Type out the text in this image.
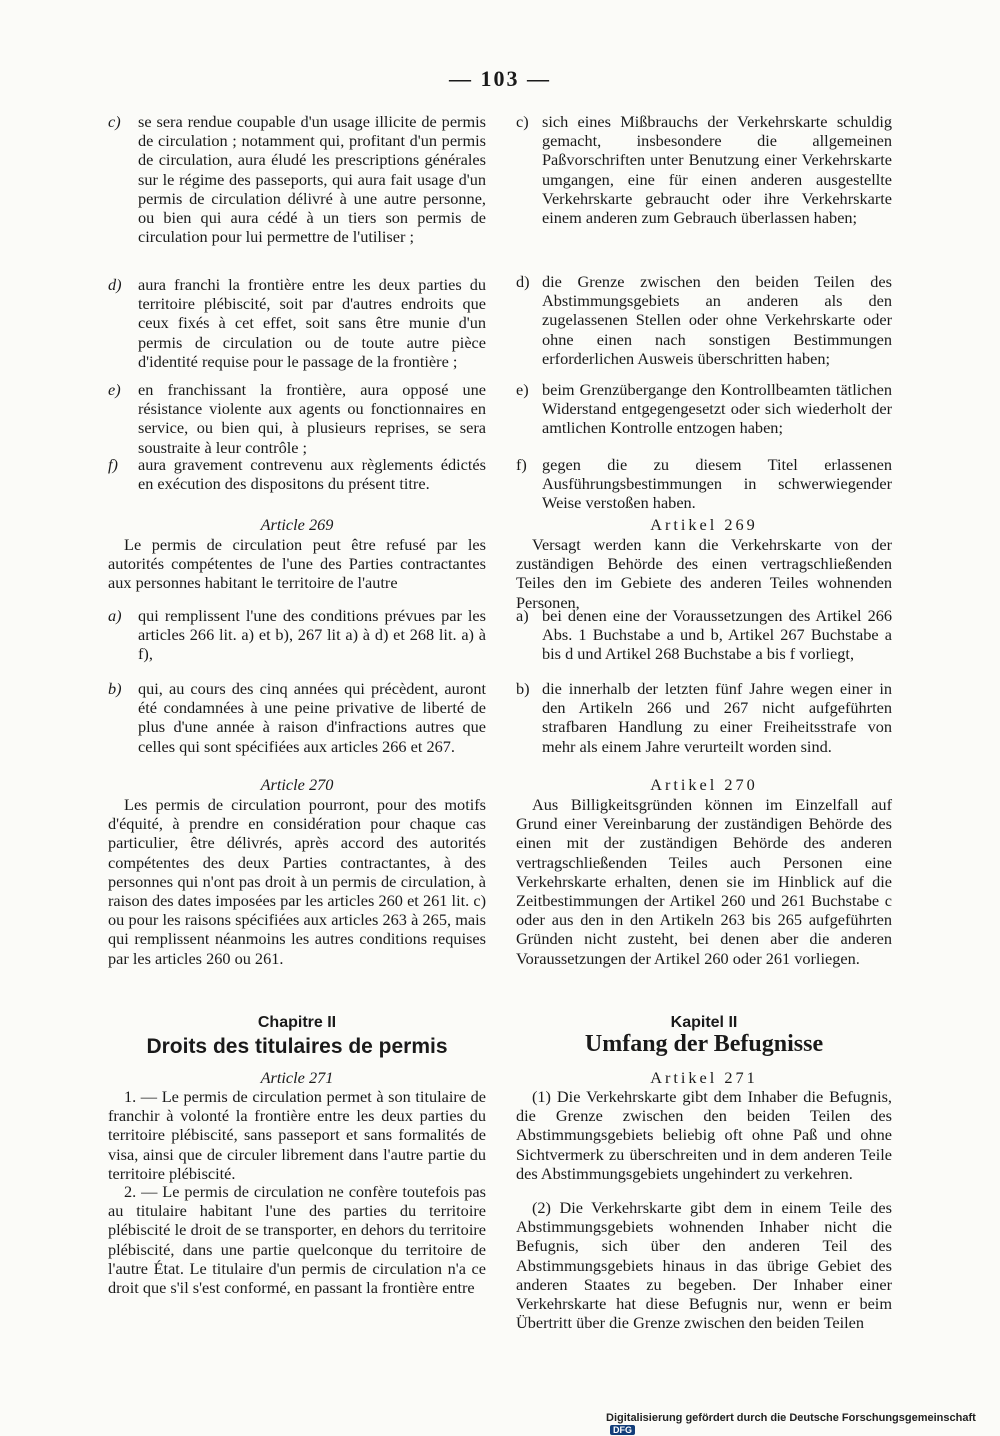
— 103 —
c) se sera rendue coupable d'un usage illicite de permis de circulation ; notamment qui, profitant d'un permis de circulation, aura éludé les prescriptions générales sur le régime des passeports, qui aura fait usage d'un permis de circulation délivré à une autre personne, ou bien qui aura cédé à un tiers son permis de circulation pour lui permettre de l'utiliser ;
d) aura franchi la frontière entre les deux parties du territoire plébiscité, soit par d'autres endroits que ceux fixés à cet effet, soit sans être munie d'un permis de circulation ou de toute autre pièce d'identité requise pour le passage de la frontière ;
e) en franchissant la frontière, aura opposé une résistance violente aux agents ou fonctionnaires en service, ou bien qui, à plusieurs reprises, se sera soustraite à leur contrôle ;
f) aura gravement contrevenu aux règlements édictés en exécution des dispositons du présent titre.
Article 269
Le permis de circulation peut être refusé par les autorités compétentes de l'une des Parties contractantes aux personnes habitant le territoire de l'autre
a) qui remplissent l'une des conditions prévues par les articles 266 lit. a) et b), 267 lit a) à d) et 268 lit. a) à f),
b) qui, au cours des cinq années qui précèdent, auront été condamnées à une peine privative de liberté de plus d'une année à raison d'infractions autres que celles qui sont spécifiées aux articles 266 et 267.
Article 270
Les permis de circulation pourront, pour des motifs d'équité, à prendre en considération pour chaque cas particulier, être délivrés, après accord des autorités compétentes des deux Parties contractantes, à des personnes qui n'ont pas droit à un permis de circulation, à raison des dates imposées par les articles 260 et 261 lit. c) ou pour les raisons spécifiées aux articles 263 à 265, mais qui remplissent néanmoins les autres conditions requises par les articles 260 ou 261.
Chapitre II
Droits des titulaires de permis
Article 271
1. — Le permis de circulation permet à son titulaire de franchir à volonté la frontière entre les deux parties du territoire plébiscité, sans passeport et sans formalités de visa, ainsi que de circuler librement dans l'autre partie du territoire plébiscité.
2. — Le permis de circulation ne confère toutefois pas au titulaire habitant l'une des parties du territoire plébiscité le droit de se transporter, en dehors du territoire plébiscité, dans une partie quelconque du territoire de l'autre État. Le titulaire d'un permis de circulation n'a ce droit que s'il s'est conformé, en passant la frontière entre
c) sich eines Mißbrauchs der Verkehrskarte schuldig gemacht, insbesondere die allgemeinen Paßvorschriften unter Benutzung einer Verkehrskarte umgangen, eine für einen anderen ausgestellte Verkehrskarte gebraucht oder ihre Verkehrskarte einem anderen zum Gebrauch überlassen haben;
d) die Grenze zwischen den beiden Teilen des Abstimmungsgebiets an anderen als den zugelassenen Stellen oder ohne Verkehrskarte oder ohne einen nach sonstigen Bestimmungen erforderlichen Ausweis überschritten haben;
e) beim Grenzübergange den Kontrollbeamten tätlichen Widerstand entgegengesetzt oder sich wiederholt der amtlichen Kontrolle entzogen haben;
f) gegen die zu diesem Titel erlassenen Ausführungsbestimmungen in schwerwiegender Weise verstoßen haben.
Artikel 269
Versagt werden kann die Verkehrskarte von der zuständigen Behörde des einen vertragschließenden Teiles den im Gebiete des anderen Teiles wohnenden Personen,
a) bei denen eine der Voraussetzungen des Artikel 266 Abs. 1 Buchstabe a und b, Artikel 267 Buchstabe a bis d und Artikel 268 Buchstabe a bis f vorliegt,
b) die innerhalb der letzten fünf Jahre wegen einer in den Artikeln 266 und 267 nicht aufgeführten strafbaren Handlung zu einer Freiheitsstrafe von mehr als einem Jahre verurteilt worden sind.
Artikel 270
Aus Billigkeitsgründen können im Einzelfall auf Grund einer Vereinbarung der zuständigen Behörde des einen mit der zuständigen Behörde des anderen vertragschließenden Teiles auch Personen eine Verkehrskarte erhalten, denen sie im Hinblick auf die Zeitbestimmungen der Artikel 260 und 261 Buchstabe c oder aus den in den Artikeln 263 bis 265 aufgeführten Gründen nicht zusteht, bei denen aber die anderen Voraussetzungen der Artikel 260 oder 261 vorliegen.
Kapitel II
Umfang der Befugnisse
Artikel 271
(1) Die Verkehrskarte gibt dem Inhaber die Befugnis, die Grenze zwischen den beiden Teilen des Abstimmungsgebiets beliebig oft ohne Paß und ohne Sichtvermerk zu überschreiten und in dem anderen Teile des Abstimmungsgebiets ungehindert zu verkehren.
(2) Die Verkehrskarte gibt dem in einem Teile des Abstimmungsgebiets wohnenden Inhaber nicht die Befugnis, sich über den anderen Teil des Abstimmungsgebiets hinaus in das übrige Gebiet des anderen Staates zu begeben. Der Inhaber einer Verkehrskarte hat diese Befugnis nur, wenn er beim Übertritt über die Grenze zwischen den beiden Teilen
Digitalisierung gefördert durch die Deutsche ForschungsgemeinschaftDFG
